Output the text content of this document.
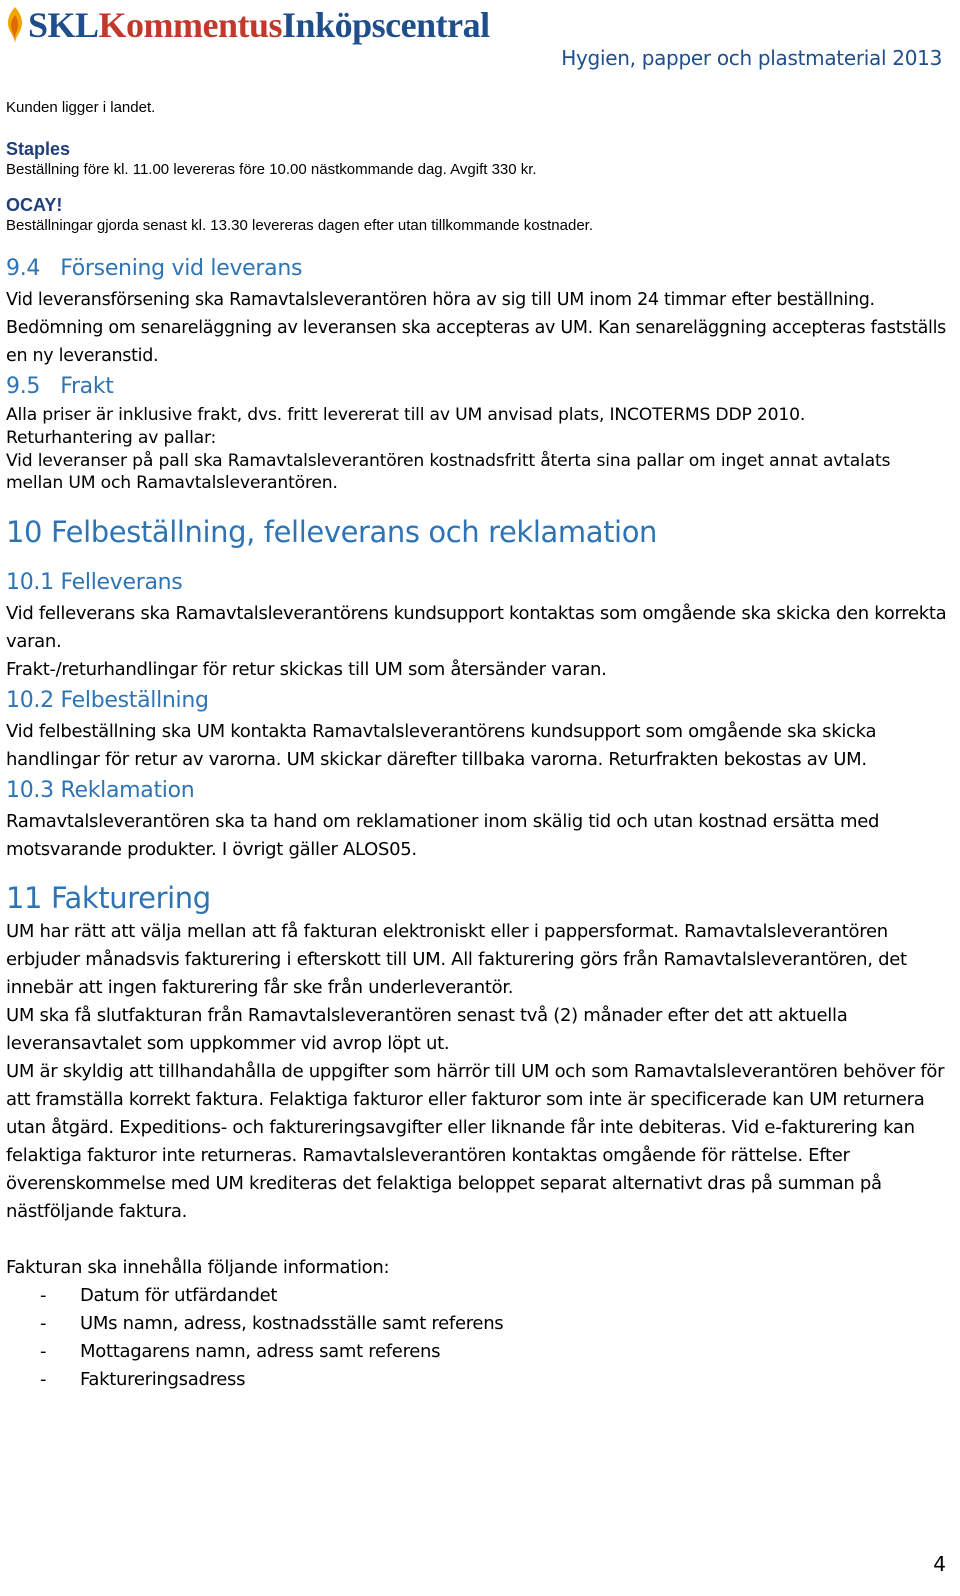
SKLKommentusInköpscentral
Hygien, papper och plastmaterial 2013

Kunden ligger i landet.

Staples

Beställning före kl. 11.00 levereras före 10.00 nästkommande dag. Avgift 330 kr.

OCAY!

Beställningar gjorda senast kl. 13.30 levereras dagen efter utan tillkommande kostnader.

9.4 Försening vid leverans

Vid leveransförsening ska Ramavtalsleverantören höra av sig till UM inom 24 timmar efter beställning. Bedömning om senareläggning av leveransen ska accepteras av UM. Kan senareläggning accepteras fastställs en ny leveranstid.

9.5 Frakt

Alla priser är inklusive frakt, dvs. fritt levererat till av UM anvisad plats, INCOTERMS DDP 2010.

Returhantering av pallar:

Vid leveranser på pall ska Ramavtalsleverantören kostnadsfritt återta sina pallar om inget annat avtalats mellan UM och Ramavtalsleverantören.

10 Felbeställning, felleverans och reklamation
10.1 Felleverans

Vid felleverans ska Ramavtalsleverantörens kundsupport kontaktas som omgående ska skicka den korrekta varan.

Frakt-/returhandlingar för retur skickas till UM som återsänder varan.

10.2 Felbeställning

Vid felbeställning ska UM kontakta Ramavtalsleverantörens kundsupport som omgående ska skicka handlingar för retur av varorna. UM skickar därefter tillbaka varorna. Returfrakten bekostas av UM.

10.3 Reklamation

Ramavtalsleverantören ska ta hand om reklamationer inom skälig tid och utan kostnad ersätta med motsvarande produkter. I övrigt gäller ALOS05.

11 Fakturering

UM har rätt att välja mellan att få fakturan elektroniskt eller i pappersformat. Ramavtalsleverantören erbjuder månadsvis fakturering i efterskott till UM. All fakturering görs från Ramavtalsleverantören, det innebär att ingen fakturering får ske från underleverantör.

UM ska få slutfakturan från Ramavtalsleverantören senast två (2) månader efter det att aktuella leveransavtalet som uppkommer vid avrop löpt ut.

UM är skyldig att tillhandahålla de uppgifter som härrör till UM och som Ramavtalsleverantören behöver för att framställa korrekt faktura. Felaktiga fakturor eller fakturor som inte är specificerade kan UM returnera utan åtgärd. Expeditions- och faktureringsavgifter eller liknande får inte debiteras. Vid e-fakturering kan felaktiga fakturor inte returneras. Ramavtalsleverantören kontaktas omgående för rättelse. Efter överenskommelse med UM krediteras det felaktiga beloppet separat alternativt dras på summan på nästföljande faktura.

Fakturan ska innehålla följande information:

- Datum för utfärdandet
- UMs namn, adress, kostnadsställe samt referens
- Mottagarens namn, adress samt referens
- Faktureringsadress
4
